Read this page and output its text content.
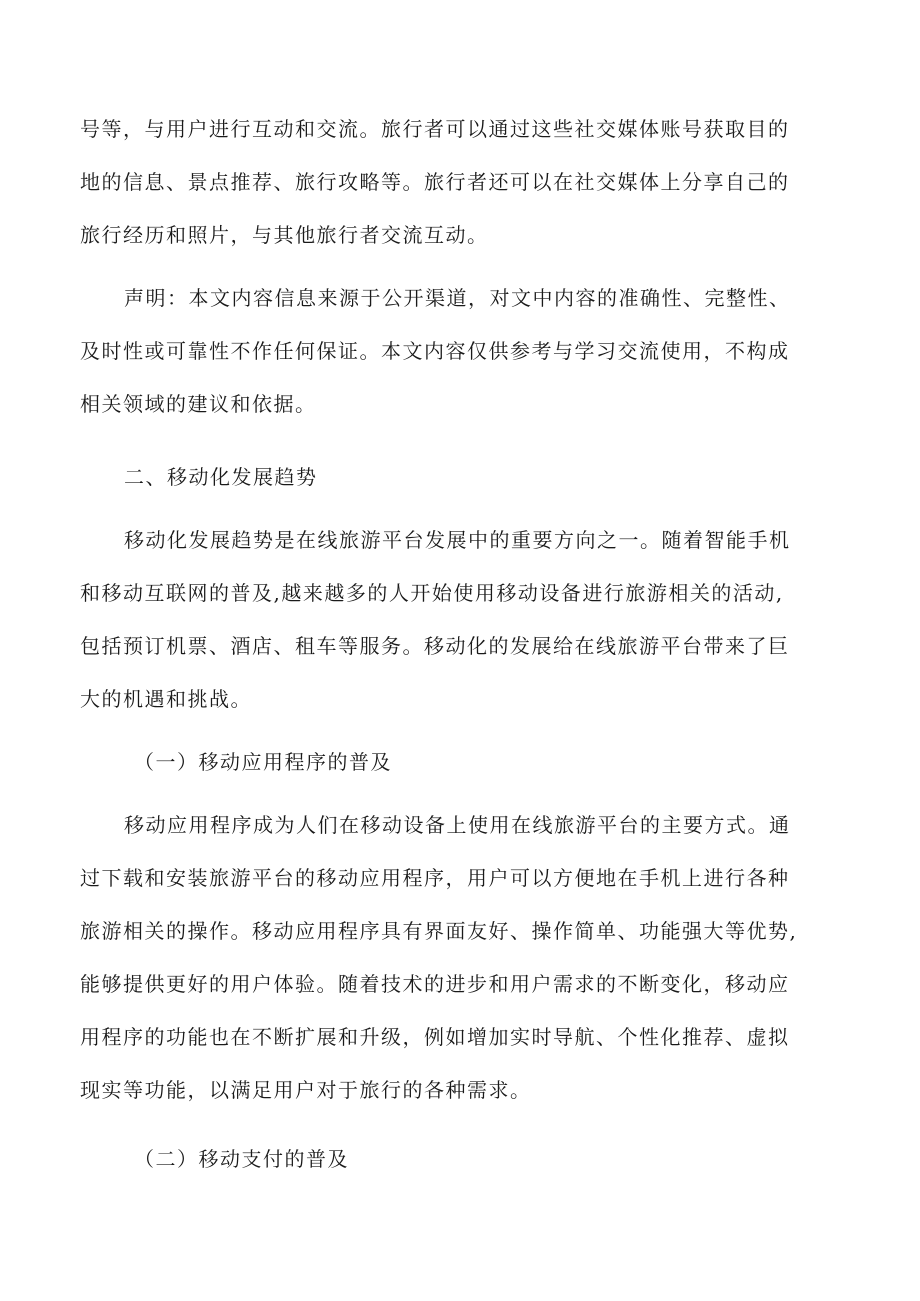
号等，与用户进行互动和交流。旅行者可以通过这些社交媒体账号获取目的
地的信息、景点推荐、旅行攻略等。旅行者还可以在社交媒体上分享自己的
旅行经历和照片，与其他旅行者交流互动。
声明：本文内容信息来源于公开渠道，对文中内容的准确性、完整性、
及时性或可靠性不作任何保证。本文内容仅供参考与学习交流使用，不构成
相关领域的建议和依据。
二、移动化发展趋势
移动化发展趋势是在线旅游平台发展中的重要方向之一。随着智能手机
和移动互联网的普及,越来越多的人开始使用移动设备进行旅游相关的活动,
包括预订机票、酒店、租车等服务。移动化的发展给在线旅游平台带来了巨
大的机遇和挑战。
（一）移动应用程序的普及
移动应用程序成为人们在移动设备上使用在线旅游平台的主要方式。通
过下载和安装旅游平台的移动应用程序，用户可以方便地在手机上进行各种
旅游相关的操作。移动应用程序具有界面友好、操作简单、功能强大等优势,
能够提供更好的用户体验。随着技术的进步和用户需求的不断变化，移动应
用程序的功能也在不断扩展和升级，例如增加实时导航、个性化推荐、虚拟
现实等功能，以满足用户对于旅行的各种需求。
（二）移动支付的普及
